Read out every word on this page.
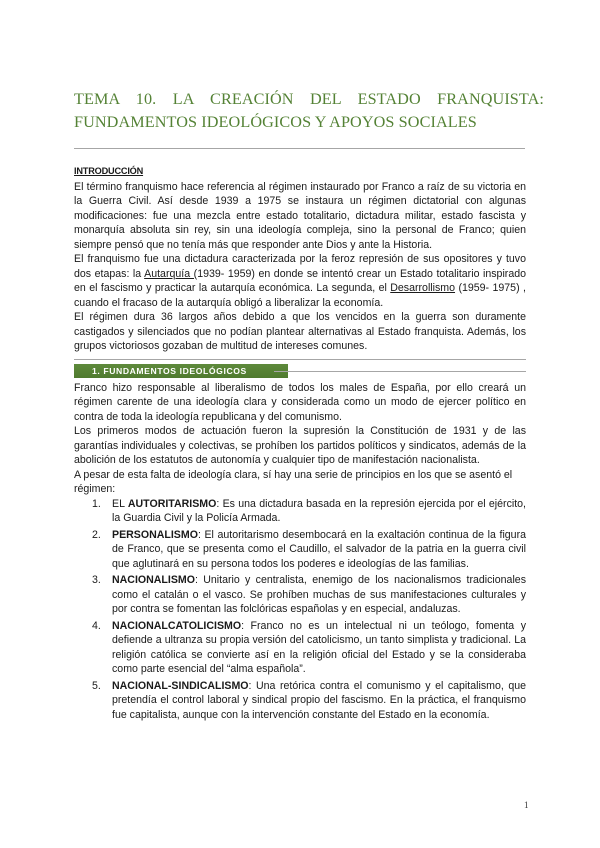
TEMA 10. LA CREACIÓN DEL ESTADO FRANQUISTA: FUNDAMENTOS IDEOLÓGICOS Y APOYOS SOCIALES
INTRODUCCIÓN

El término franquismo hace referencia al régimen instaurado por Franco a raíz de su victoria en la Guerra Civil. Así desde 1939 a 1975 se instaura un régimen dictatorial con algunas modificaciones: fue una mezcla entre estado totalitario, dictadura militar, estado fascista y monarquía absoluta sin rey, sin una ideología compleja, sino la personal de Franco; quien siempre pensó que no tenía más que responder ante Dios y ante la Historia.

El franquismo fue una dictadura caracterizada por la feroz represión de sus opositores y tuvo dos etapas: la Autarquía (1939- 1959) en donde se intentó crear un Estado totalitario inspirado en el fascismo y practicar la autarquía económica. La segunda, el Desarrollismo (1959- 1975) , cuando el fracaso de la autarquía obligó a liberalizar la economía.

El régimen dura 36 largos años debido a que los vencidos en la guerra son duramente castigados y silenciados que no podían plantear alternativas al Estado franquista. Además, los grupos victoriosos gozaban de multitud de intereses comunes.

1. FUNDAMENTOS IDEOLÓGICOS

Franco hizo responsable al liberalismo de todos los males de España, por ello creará un régimen carente de una ideología clara y considerada como un modo de ejercer político en contra de toda la ideología republicana y del comunismo.

Los primeros modos de actuación fueron la supresión la Constitución de 1931 y de las garantías individuales y colectivas, se prohíben los partidos políticos y sindicatos, además de la abolición de los estatutos de autonomía y cualquier tipo de manifestación nacionalista.

A pesar de esta falta de ideología clara, sí hay una serie de principios en los que se asentó el

régimen:

1. EL AUTORITARISMO: Es una dictadura basada en la represión ejercida por el ejército, la Guardia Civil y la Policía Armada.
2. PERSONALISMO: El autoritarismo desembocará en la exaltación continua de la figura de Franco, que se presenta como el Caudillo, el salvador de la patria en la guerra civil que aglutinará en su persona todos los poderes e ideologías de las familias.
3. NACIONALISMO: Unitario y centralista, enemigo de los nacionalismos tradicionales como el catalán o el vasco. Se prohíben muchas de sus manifestaciones culturales y por contra se fomentan las folclóricas españolas y en especial, andaluzas.
4. NACIONALCATOLICISMO: Franco no es un intelectual ni un teólogo, fomenta y defiende a ultranza su propia versión del catolicismo, un tanto simplista y tradicional. La religión católica se convierte así en la religión oficial del Estado y se la consideraba como parte esencial del “alma española”.
5. NACIONAL-SINDICALISMO: Una retórica contra el comunismo y el capitalismo, que pretendía el control laboral y sindical propio del fascismo. En la práctica, el franquismo fue capitalista, aunque con la intervención constante del Estado en la economía.
1
